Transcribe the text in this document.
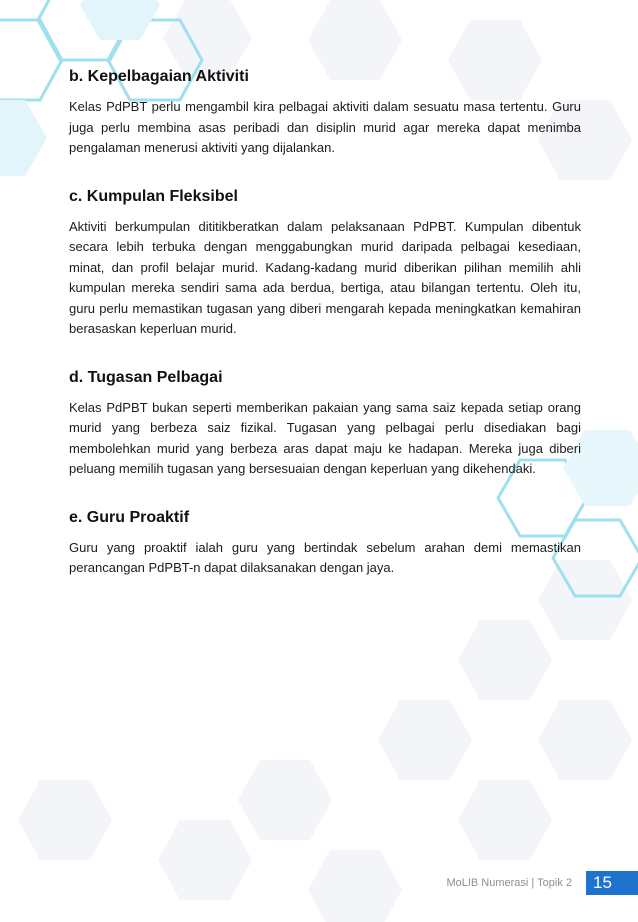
b. Kepelbagaian Aktiviti

Kelas PdPBT perlu mengambil kira pelbagai aktiviti dalam sesuatu masa tertentu. Guru juga perlu membina asas peribadi dan disiplin murid agar mereka dapat menimba pengalaman menerusi aktiviti yang dijalankan.

c. Kumpulan Fleksibel

Aktiviti berkumpulan dititikberatkan dalam pelaksanaan PdPBT. Kumpulan dibentuk secara lebih terbuka dengan menggabungkan murid daripada pelbagai kesediaan, minat, dan profil belajar murid. Kadang-kadang murid diberikan pilihan memilih ahli kumpulan mereka sendiri sama ada berdua, bertiga, atau bilangan tertentu. Oleh itu, guru perlu memastikan tugasan yang diberi mengarah kepada meningkatkan kemahiran berasaskan keperluan murid.

d. Tugasan Pelbagai

Kelas PdPBT bukan seperti memberikan pakaian yang sama saiz kepada setiap orang murid yang berbeza saiz fizikal. Tugasan yang pelbagai perlu disediakan bagi membolehkan murid yang berbeza aras dapat maju ke hadapan. Mereka juga diberi peluang memilih tugasan yang bersesuaian dengan keperluan yang dikehendaki.

e. Guru Proaktif

Guru yang proaktif ialah guru yang bertindak sebelum arahan demi memastikan perancangan PdPBT-n dapat dilaksanakan dengan jaya.

MoLIB Numerasi | Topik 2	15
